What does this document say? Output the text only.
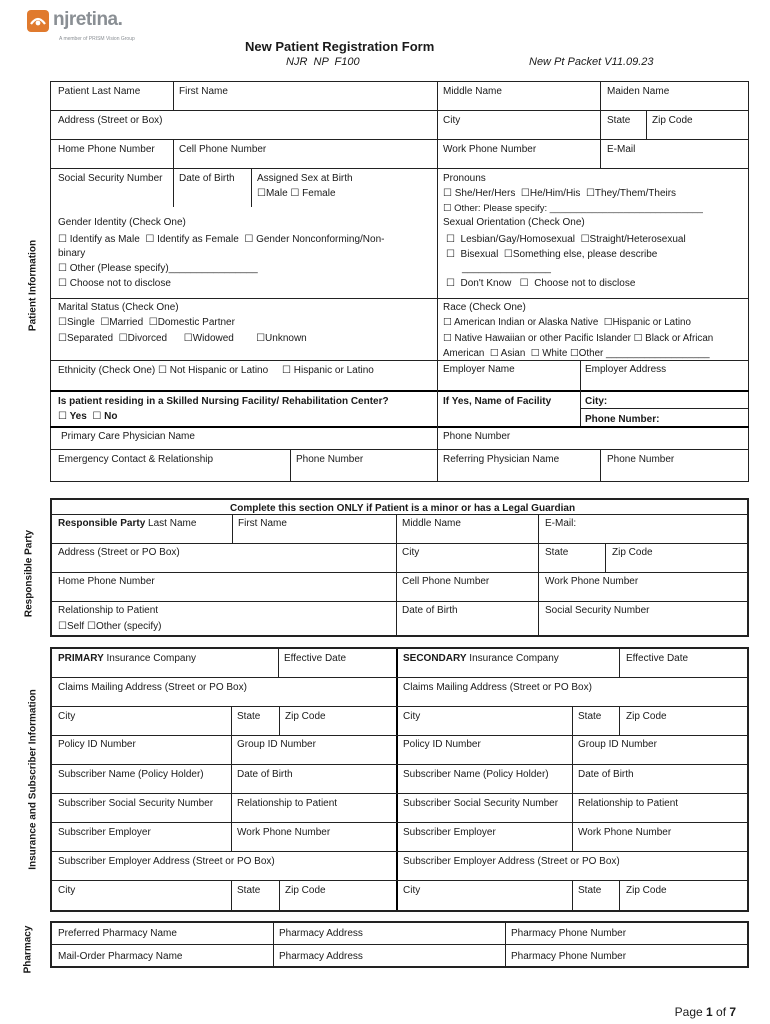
njretina.
A member of PRISM Vision Group	New Patient Registration Form
NJR  NP  F100	New Pt Packet V11.09.23
Patient Information
Responsible Party
Insurance and Subscriber Information
Pharmacy
Patient Last Name	First Name	Middle Name	Maiden Name
Address (Street or Box)	City	State Zip Code
Home Phone Number Cell Phone Number	Work Phone Number	E-Mail
Social Security Number Date of Birth Assigned Sex at Birth
☐Male ☐ Female
Pronouns
☐ She/Her/Hers  ☐He/Him/His  ☐They/Them/Theirs
☐ Other: Please specify: _____________________________
Gender Identity (Check One)
☐ Identify as Male  ☐ Identify as Female  ☐ Gender Nonconforming/Non-
binary
☐ Other (Please specify)________________
☐ Choose not to disclose
Sexual Orientation (Check One)
☐  Lesbian/Gay/Homosexual  ☐Straight/Heterosexual
☐  Bisexual  ☐Something else, please describe
________________
☐  Don't Know   ☐  Choose not to disclose
Marital Status (Check One)
☐Single  ☐Married  ☐Domestic Partner
☐Separated  ☐Divorced      ☐Widowed        ☐Unknown
Race (Check One)
☐ American Indian or Alaska Native  ☐Hispanic or Latino
☐ Native Hawaiian or other Pacific Islander ☐ Black or African
American  ☐ Asian  ☐ White ☐Other ___________________
Ethnicity (Check One) ☐ Not Hispanic or Latino     ☐ Hispanic or Latino	Employer Name	Employer Address
Is patient residing in a Skilled Nursing Facility/ Rehabilitation Center?
☐ Yes  ☐ No
If Yes, Name of Facility	City:
Phone Number:
Primary Care Physician Name	Phone Number
Emergency Contact & Relationship	Phone Number	Referring Physician Name	Phone Number
Complete this section ONLY if Patient is a minor or has a Legal Guardian
Responsible Party Last Name	First Name	Middle Name	E-Mail:
Address (Street or PO Box)	City	State	Zip Code
Home Phone Number	Cell Phone Number	Work Phone Number
Relationship to Patient
☐Self ☐Other (specify)
Date of Birth	Social Security Number
PRIMARY Insurance Company	Effective Date
Claims Mailing Address (Street or PO Box)
City	State Zip Code
Policy ID Number	Group ID Number
Subscriber Name (Policy Holder)	Date of Birth
Subscriber Social Security Number Relationship to Patient
Subscriber Employer	Work Phone Number
Subscriber Employer Address (Street or PO Box)
City	State Zip Code
SECONDARY Insurance Company	Effective Date
Claims Mailing Address (Street or PO Box)
City	State Zip Code
Policy ID Number	Group ID Number
Subscriber Name (Policy Holder)	Date of Birth
Subscriber Social Security Number Relationship to Patient
Subscriber Employer	Work Phone Number
Subscriber Employer Address (Street or PO Box)
City	State Zip Code
Preferred Pharmacy Name	Pharmacy Address	Pharmacy Phone Number
Mail-Order Pharmacy Name	Pharmacy Address	Pharmacy Phone Number

Page 1 of 7
